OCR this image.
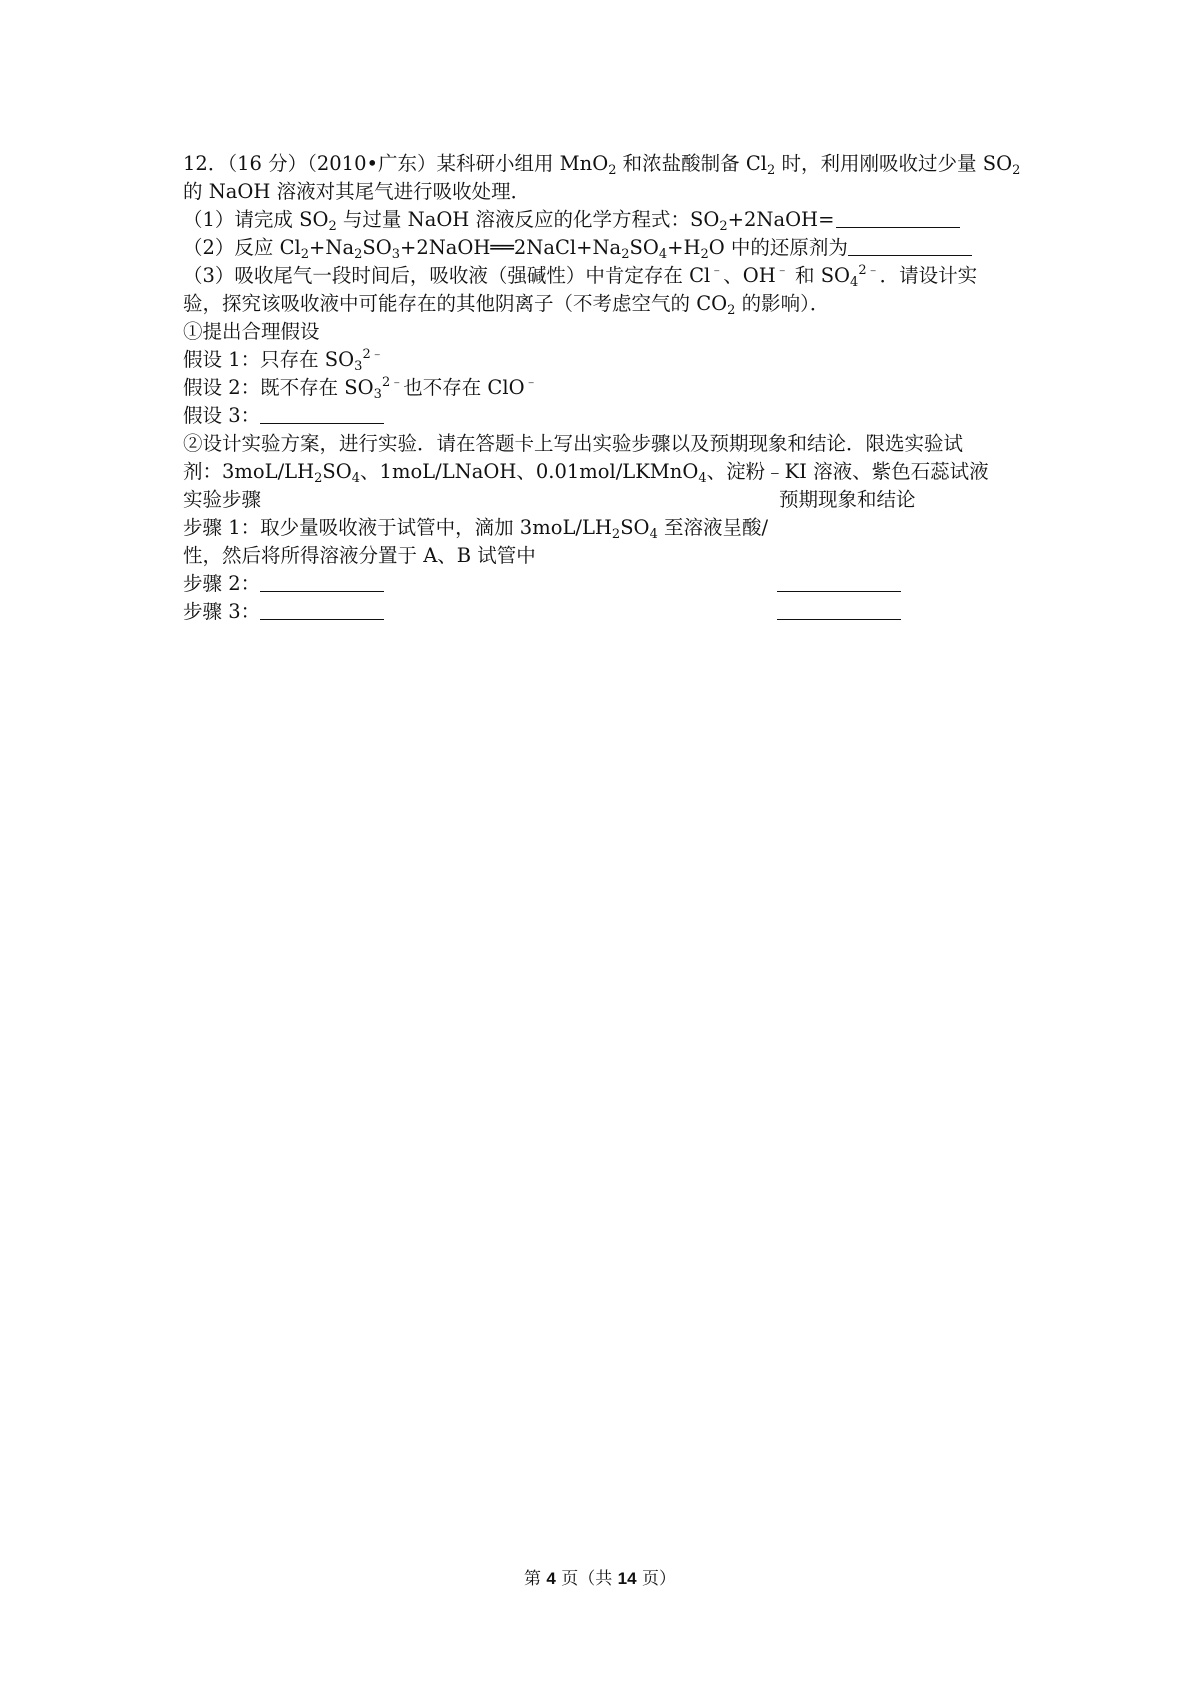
12．（16 分）（2010•广东）某科研小组用 MnO$_2$ 和浓盐酸制备 $Cl_2$ 时，利用刚吸收过少量 $SO_2$
的 NaOH 溶液对其尾气进行吸收处理．
（1）请完成 $SO_2$ 与过量 NaOH 溶液反应的化学方程式：$SO_2+2NaOH=$
（2）反应 $Cl_2+Na_2SO_3+2NaOH══2NaCl+Na_2SO_4+H_2O$ 中的还原剂为
（3）吸收尾气一段时间后，吸收液（强碱性）中肯定存在 Cl﹣、OH﹣ 和 $SO_4^{2﹣}$．请设计实
验，探究该吸收液中可能存在的其他阴离子（不考虑空气的 $CO_2$ 的影响）．
①提出合理假设
假设 1：只存在 $SO_3^{2﹣}$
假设 2：既不存在 $SO_3^{2﹣}$也不存在 ClO﹣
假设 3：
②设计实验方案，进行实验．请在答题卡上写出实验步骤以及预期现象和结论．限选实验试
剂：$3moL/LH_2SO_4$、1moL/LNaOH、0.01mol/LKMnO$_4$、淀粉﹣KI 溶液、紫色石蕊试液
实验步骤	预期现象和结论
步骤 1：取少量吸收液于试管中，滴加 $3moL/LH_2SO_4$ 至溶液呈酸/
性，然后将所得溶液分置于 A、B 试管中
步骤 2：
步骤 3：
第 4 页（共 14 页）
